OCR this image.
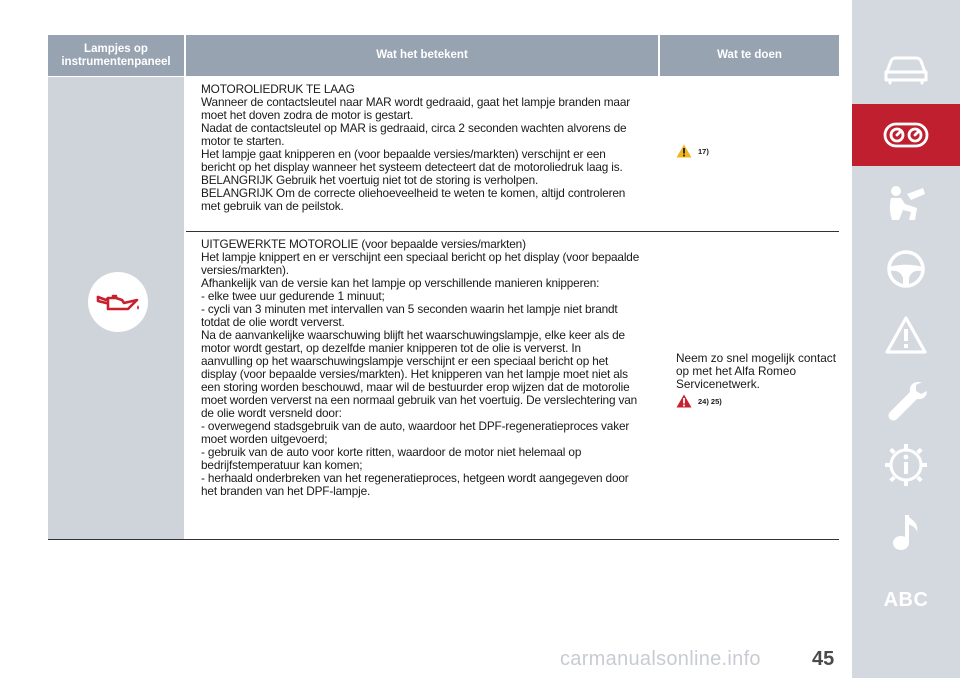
Lampjes op instrumentenpaneel
Wat het betekent	Wat te doen
MOTOROLIEDRUK TE LAAG
Wanneer de contactsleutel naar MAR wordt gedraaid, gaat het lampje branden maar
moet het doven zodra de motor is gestart.
Nadat de contactsleutel op MAR is gedraaid, circa 2 seconden wachten alvorens de
motor te starten.
Het lampje gaat knipperen en (voor bepaalde versies/markten) verschijnt er een
bericht op het display wanneer het systeem detecteert dat de motoroliedruk laag is.
BELANGRIJK Gebruik het voertuig niet tot de storing is verholpen.
BELANGRIJK Om de correcte oliehoeveelheid te weten te komen, altijd controleren
met gebruik van de peilstok.
17)
UITGEWERKTE MOTOROLIE (voor bepaalde versies/markten)
Het lampje knippert en er verschijnt een speciaal bericht op het display (voor bepaalde
versies/markten).
Afhankelijk van de versie kan het lampje op verschillende manieren knipperen:
- elke twee uur gedurende 1 minuut;
- cycli van 3 minuten met intervallen van 5 seconden waarin het lampje niet brandt
totdat de olie wordt ververst.
Na de aanvankelijke waarschuwing blijft het waarschuwingslampje, elke keer als de
motor wordt gestart, op dezelfde manier knipperen tot de olie is ververst. In
aanvulling op het waarschuwingslampje verschijnt er een speciaal bericht op het
display (voor bepaalde versies/markten). Het knipperen van het lampje moet niet als
een storing worden beschouwd, maar wil de bestuurder erop wijzen dat de motorolie
moet worden ververst na een normaal gebruik van het voertuig. De verslechtering van
de olie wordt versneld door:
- overwegend stadsgebruik van de auto, waardoor het DPF-regeneratieproces vaker
moet worden uitgevoerd;
- gebruik van de auto voor korte ritten, waardoor de motor niet helemaal op
bedrijfstemperatuur kan komen;
- herhaald onderbreken van het regeneratieproces, hetgeen wordt aangegeven door
het branden van het DPF-lampje.
Neem zo snel mogelijk contact
op met het Alfa Romeo
Servicenetwerk.
24) 25)
ABC
carmanualsonline.info	45
